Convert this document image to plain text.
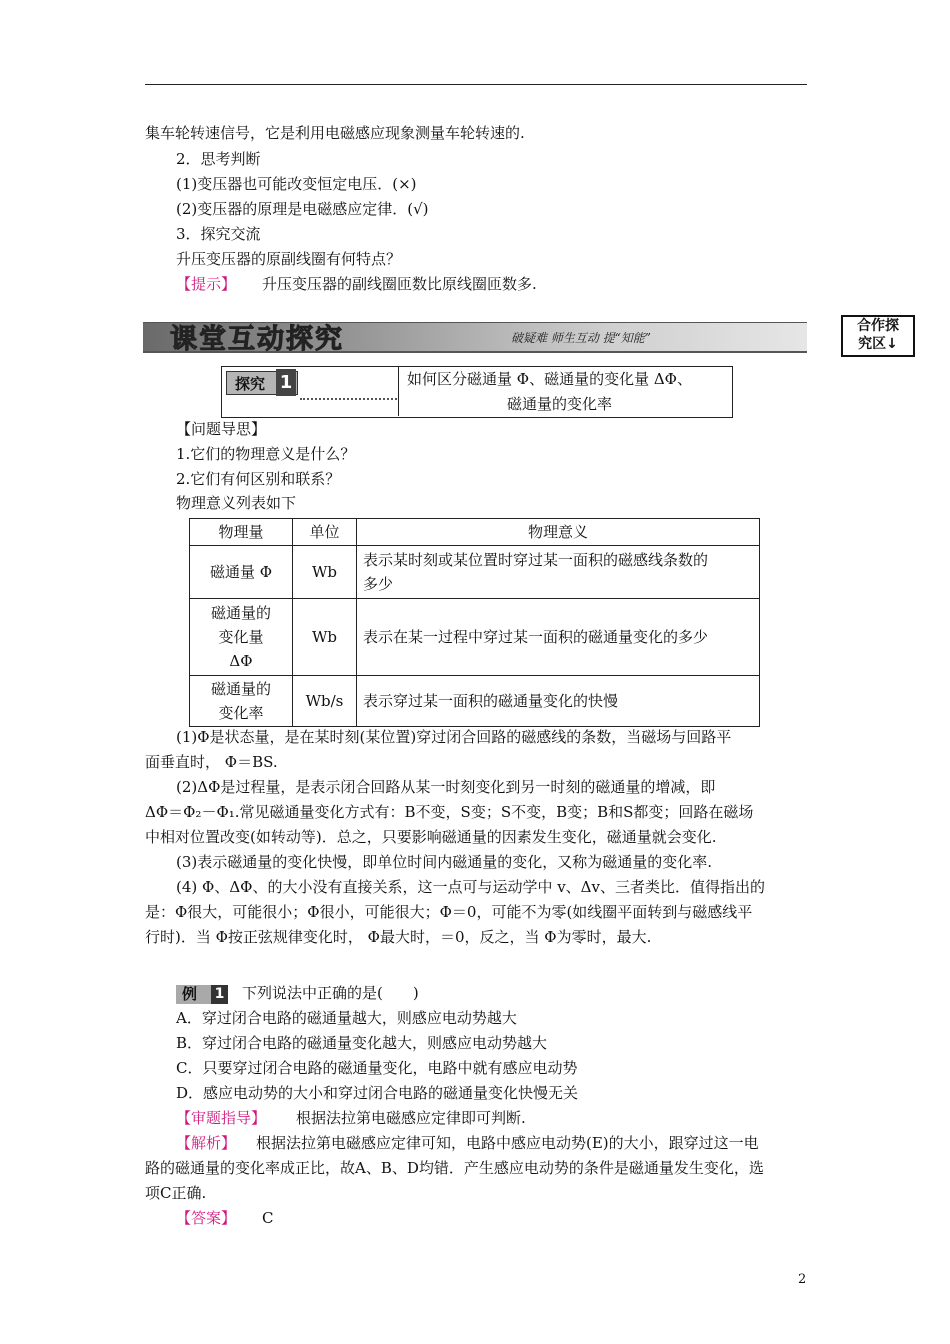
集车轮转速信号，它是利用电磁感应现象测量车轮转速的.
2．思考判断
(1)变压器也可能改变恒定电压．(×)
(2)变压器的原理是电磁感应定律．(√)
3．探究交流
升压变压器的原副线圈有何特点？
【提示】 升压变压器的副线圈匝数比原线圈匝数多.
课堂互动探究	破疑难 师生互动 提“知能”
合作探
究区↓
探究 1	如何区分磁通量 Φ、磁通量的变化量 ΔΦ、
磁通量的变化率
【问题导思】
1.它们的物理意义是什么？
2.它们有何区别和联系？
物理意义列表如下
物理量	单位	物理意义
磁通量 Φ	Wb	表示某时刻或某位置时穿过某一面积的磁感线条数的
多少

磁通量的
变化量
ΔΦ	Wb	表示在某一过程中穿过某一面积的磁通量变化的多少

磁通量的
变化率	Wb/s	表示穿过某一面积的磁通量变化的快慢
(1)Φ是状态量，是在某时刻(某位置)穿过闭合回路的磁感线的条数，当磁场与回路平
面垂直时， Φ＝BS.
(2)ΔΦ是过程量，是表示闭合回路从某一时刻变化到另一时刻的磁通量的增减，即
ΔΦ＝Φ₂－Φ₁.常见磁通量变化方式有：B不变，S变；S不变，B变；B和S都变；回路在磁场
中相对位置改变(如转动等)．总之，只要影响磁通量的因素发生变化，磁通量就会变化.
(3)表示磁通量的变化快慢，即单位时间内磁通量的变化，又称为磁通量的变化率.
(4) Φ、ΔΦ、的大小没有直接关系，这一点可与运动学中 v、Δv、三者类比．值得指出的
是：Φ很大，可能很小；Φ很小，可能很大；Φ＝0，可能不为零(如线圈平面转到与磁感线平
行时)．当 Φ按正弦规律变化时， Φ最大时，＝0，反之，当 Φ为零时，最大.
例	1 下列说法中正确的是(　　)
A．穿过闭合电路的磁通量越大，则感应电动势越大
B．穿过闭合电路的磁通量变化越大，则感应电动势越大
C．只要穿过闭合电路的磁通量变化，电路中就有感应电动势
D．感应电动势的大小和穿过闭合电路的磁通量变化快慢无关
【审题指导】 根据法拉第电磁感应定律即可判断.
【解析】 根据法拉第电磁感应定律可知，电路中感应电动势(E)的大小，跟穿过这一电
路的磁通量的变化率成正比，故A、B、D均错．产生感应电动势的条件是磁通量发生变化，选
项C正确.
【答案】 C
2
